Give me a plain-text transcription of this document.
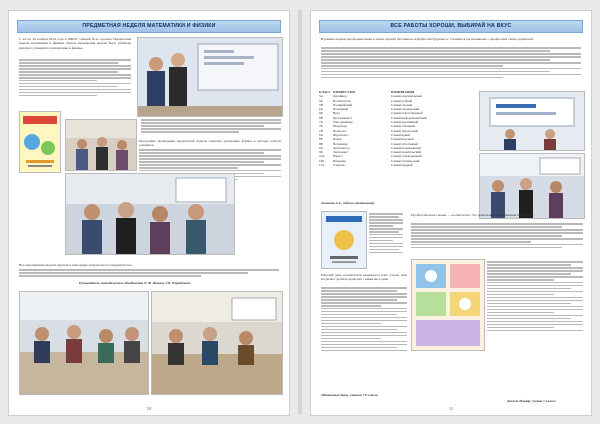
ПРЕДМЕТНАЯ НЕДЕЛЯ МАТЕМАТИКИ И ФИЗИКИ
С 24 по 29 ноября 2014 года в МБОУ «Лицей №2» прошла Предметная неделя математики и физики. Целью проведения недели было развитие интереса учащихся к математике и физике.
Программа проведения предметной недели охватила различные формы и методы работы учащихся.
Все мероприятия недели прошли в атмосфере творчества и сотрудничества.
Руководитель методического объединения О. Ф. Жукова, Г.В. Нуртдинова
10
ВСЕ РАБОТЫ ХОРОШИ, ВЫБИРАЙ НА ВКУС
В рамках недели профориентации в лицее прошёл фестиваль «Профессия будущего». Учащиеся рассказывали о профессиях своих родителей.
КЛАСС ПРОФЕССИЯ	НОМИНАЦИЯ
5А	Дизайнер	Самый оригинальный
5Б	Воспитатель	Самый добрый
5В	Полицейский	Самый смелый
6А	Пожарный	Самый героический
6Б	Врач	Самый ответственный
6В	Программист	Самый информационный
7А	Web-дизайнер	Самый креативный
7Б	Модельер	Самый стильный
7В	Психолог	Самый творческий
8А	Журналист	Самый яркий
8Б	Повар	Самый вкусный
8В	Ветеринар	Самый заботливый
9А	Архитектор	Самый неожиданный
9Б	Экономист	Самый практический
10А	Юрист	Самый справедливый
10Б	Инженер	Самый технический
11А	Учитель	Самый мудрый
Хасанова З.А., педагог-организатор
Рабочий день воспитателя начинается рано утром. Она встречает детей и проводит с ними весь день.
Заботливые дети, ученики 7 Б класса
Профессия моего мамы — воспитатель. Это почётная и ответственная профессия.
Давлет Ильдар, ученик 7 класса
11
